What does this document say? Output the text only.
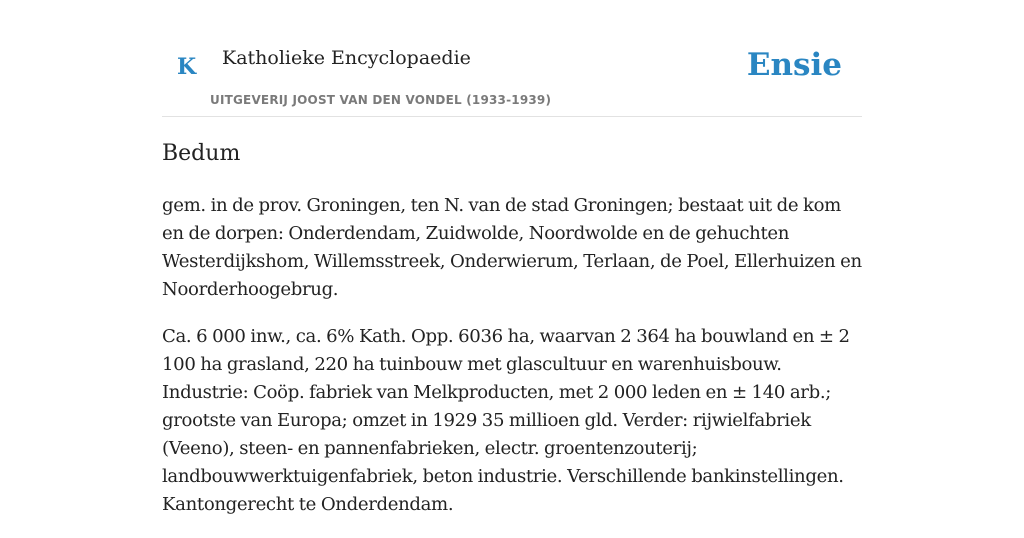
K Katholieke Encyclopaedie
UITGEVERIJ JOOST VAN DEN VONDEL (1933-1939)
Ensie
Bedum

gem. in de prov. Groningen, ten N. van de stad Groningen; bestaat uit de kom en de dorpen: Onderdendam, Zuidwolde, Noordwolde en de gehuchten Westerdijkshom, Willemsstreek, Onderwierum, Terlaan, de Poel, Ellerhuizen en Noorderhoogebrug.

Ca. 6 000 inw., ca. 6% Kath. Opp. 6036 ha, waarvan 2 364 ha bouwland en ± 2 100 ha grasland, 220 ha tuinbouw met glascultuur en warenhuisbouw. Industrie: Coöp. fabriek van Melkproducten, met 2 000 leden en ± 140 arb.; grootste van Europa; omzet in 1929 35 millioen gld. Verder: rijwielfabriek (Veeno), steen- en pannenfabrieken, electr. groentenzouterij; landbouwwerktuigenfabriek, beton industrie. Verschillende bankinstellingen. Kantongerecht te Onderdendam.
